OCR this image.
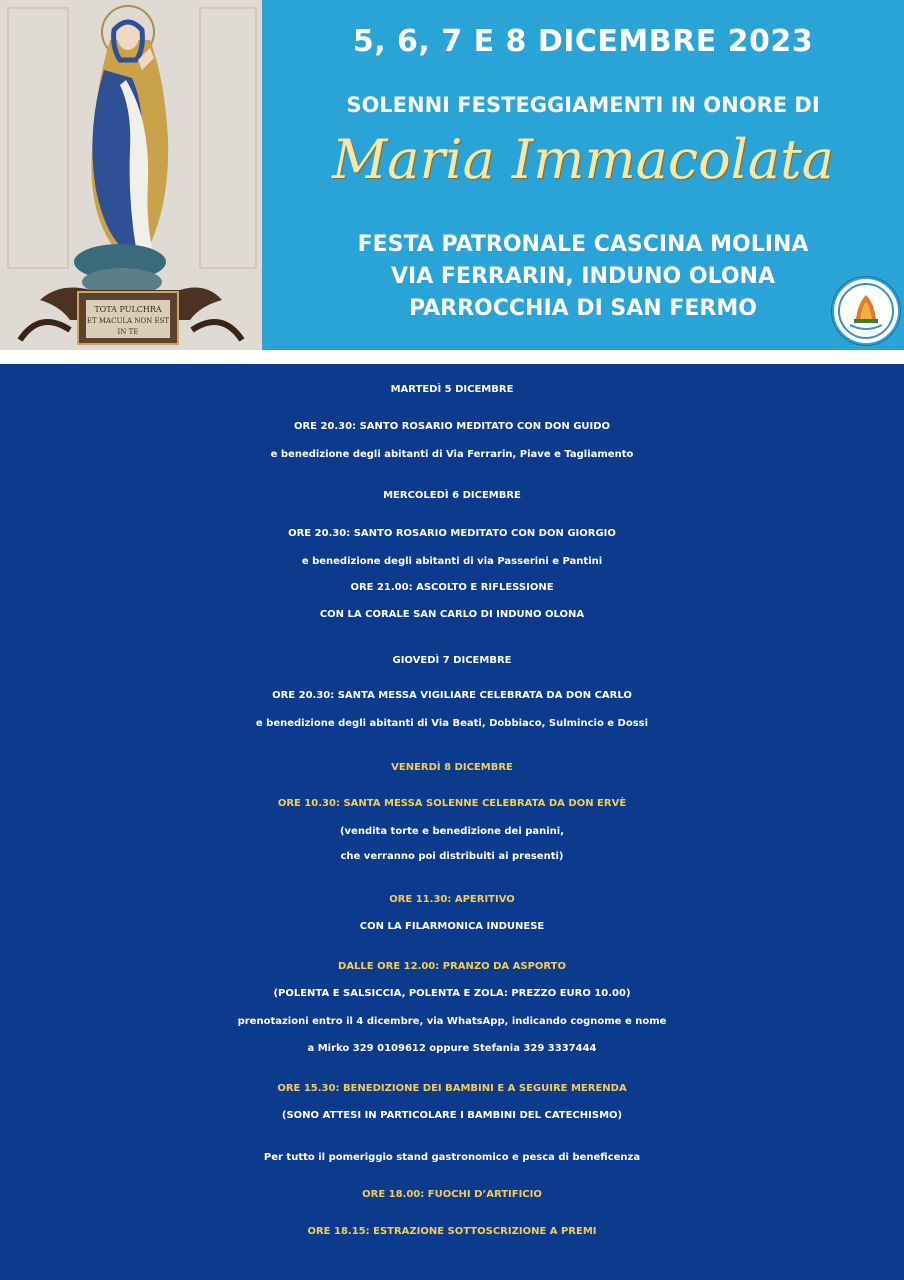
TOTA PULCHRA
ET MACULA NON EST
IN TE
5, 6, 7 E 8 DICEMBRE 2023
SOLENNI FESTEGGIAMENTI IN ONORE DI
Maria Immacolata
FESTA PATRONALE CASCINA MOLINA
VIA FERRARIN, INDUNO OLONA
PARROCCHIA DI SAN FERMO
MARTEDÌ 5 DICEMBRE
ORE 20.30: SANTO ROSARIO MEDITATO CON DON GUIDO
e benedizione degli abitanti di Via Ferrarin, Piave e Tagliamento
MERCOLEDÌ 6 DICEMBRE
ORE 20.30: SANTO ROSARIO MEDITATO CON DON GIORGIO
e benedizione degli abitanti di via Passerini e Pantini
ORE 21.00: ASCOLTO E RIFLESSIONE
CON LA CORALE SAN CARLO DI INDUNO OLONA
GIOVEDÌ 7 DICEMBRE
ORE 20.30: SANTA MESSA VIGILIARE CELEBRATA DA DON CARLO
e benedizione degli abitanti di Via Beati, Dobbiaco, Sulmincio e Dossi
VENERDÌ 8 DICEMBRE
ORE 10.30: SANTA MESSA SOLENNE CELEBRATA DA DON ERVÈ
(vendita torte e benedizione dei panini,
che verranno poi distribuiti ai presenti)
ORE 11.30: APERITIVO
CON LA FILARMONICA INDUNESE
DALLE ORE 12.00: PRANZO DA ASPORTO
(POLENTA E SALSICCIA, POLENTA E ZOLA: PREZZO EURO 10.00)
prenotazioni entro il 4 dicembre, via WhatsApp, indicando cognome e nome
a Mirko 329 0109612 oppure Stefania 329 3337444
ORE 15.30: BENEDIZIONE DEI BAMBINI E A SEGUIRE MERENDA
(SONO ATTESI IN PARTICOLARE I BAMBINI DEL CATECHISMO)
Per tutto il pomeriggio stand gastronomico e pesca di beneficenza
ORE 18.00: FUOCHI D’ARTIFICIO
ORE 18.15: ESTRAZIONE SOTTOSCRIZIONE A PREMI
